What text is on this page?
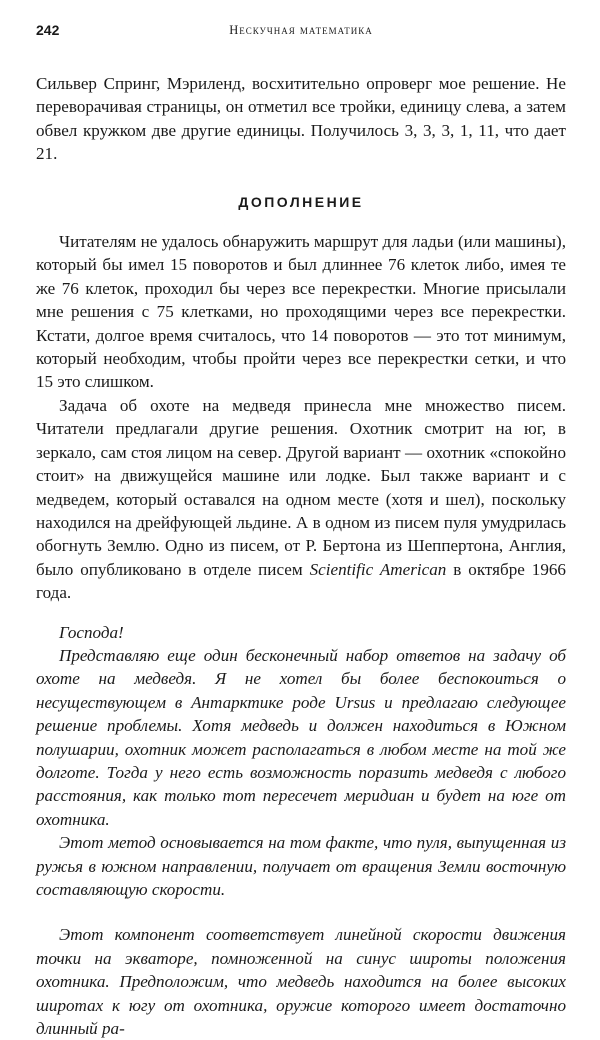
242	Нескучная математика

Сильвер Спринг, Мэриленд, восхитительно опроверг мое решение. Не переворачивая страницы, он отметил все тройки, единицу слева, а затем обвел кружком две другие единицы. Получилось 3, 3, 3, 1, 11, что дает 21.

ДОПОЛНЕНИЕ

Читателям не удалось обнаружить маршрут для ладьи (или машины), который бы имел 15 поворотов и был длиннее 76 клеток либо, имея те же 76 клеток, проходил бы через все перекрестки. Многие присылали мне решения с 75 клетками, но проходящими через все перекрестки. Кстати, долгое время считалось, что 14 поворотов — это тот минимум, который необходим, чтобы пройти через все перекрестки сетки, и что 15 это слишком.

Задача об охоте на медведя принесла мне множество писем. Читатели предлагали другие решения. Охотник смотрит на юг, в зеркало, сам стоя лицом на север. Другой вариант — охотник «спокойно стоит» на движущейся машине или лодке. Был также вариант и с медведем, который оставался на одном месте (хотя и шел), поскольку находился на дрейфующей льдине. А в одном из писем пуля умудрилась обогнуть Землю. Одно из писем, от Р. Бертона из Шеппертона, Англия, было опубликовано в отделе писем Scientific American в октябре 1966 года.

Господа!

Представляю еще один бесконечный набор ответов на задачу об охоте на медведя. Я не хотел бы более беспокоиться о несуществующем в Антарктике роде Ursus и предлагаю следующее решение проблемы. Хотя медведь и должен находиться в Южном полушарии, охотник может располагаться в любом месте на той же долготе. Тогда у него есть возможность поразить медведя с любого расстояния, как только тот пересечет меридиан и будет на юге от охотника.

Этот метод основывается на том факте, что пуля, выпущенная из ружья в южном направлении, получает от вращения Земли восточную составляющую скорости.

Этот компонент соответствует линейной скорости движения точки на экваторе, помноженной на синус широты положения охотника. Предположим, что медведь находится на более высоких широтах к югу от охотника, оружие которого имеет достаточно длинный ра-
